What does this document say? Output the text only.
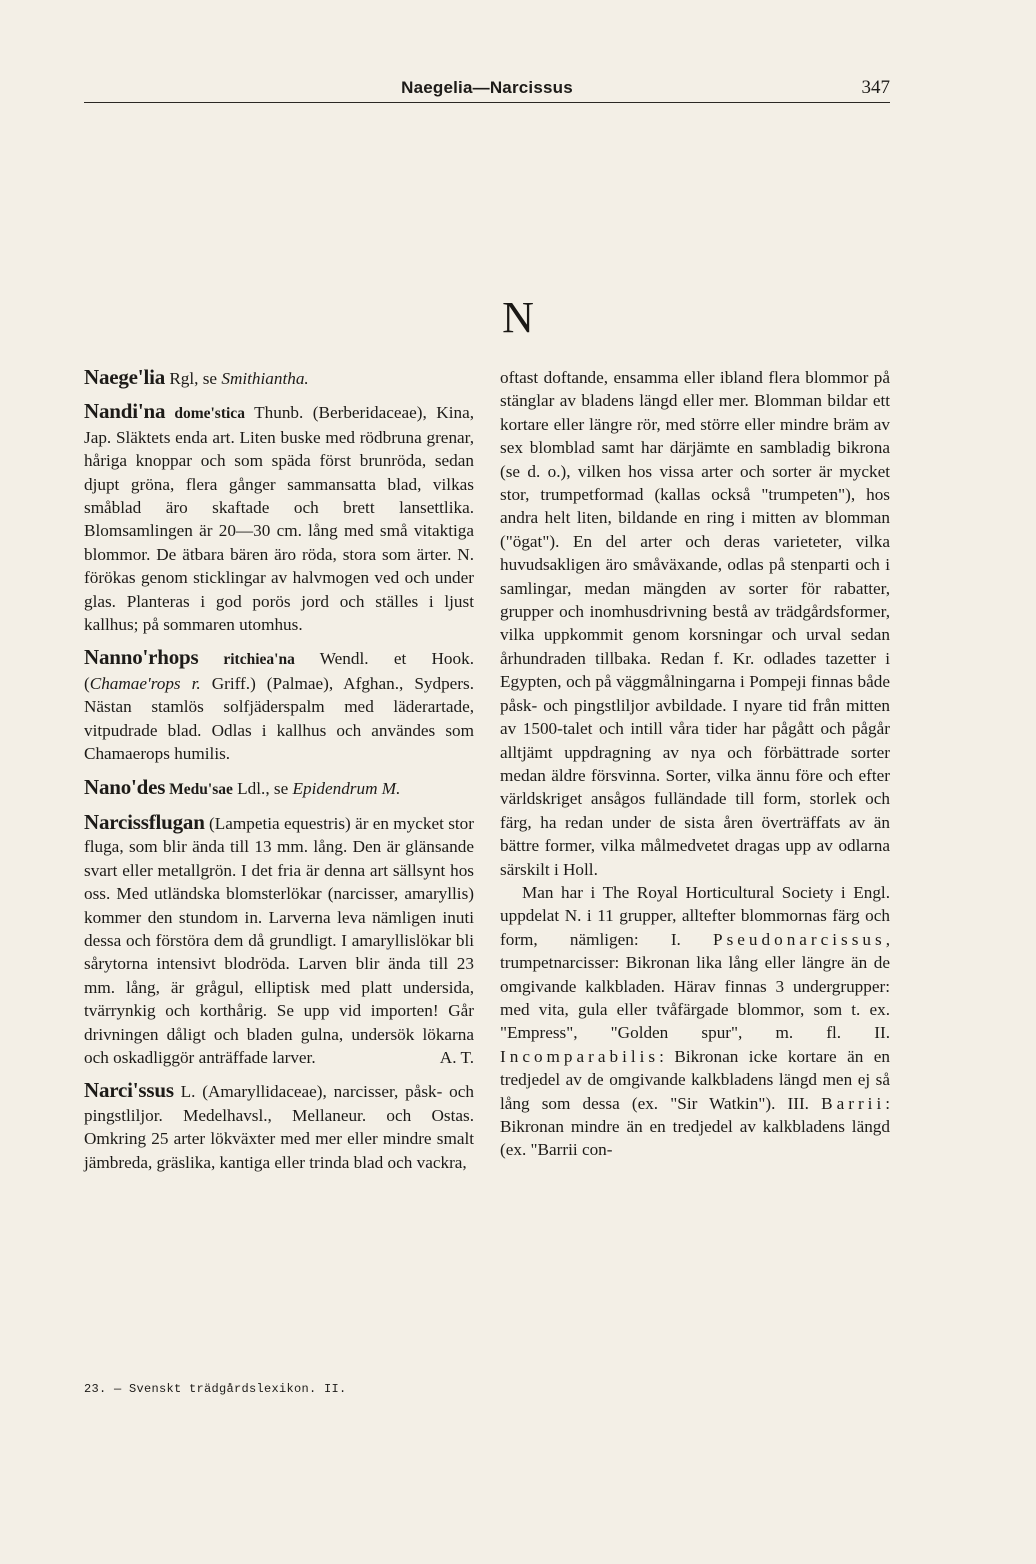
Naegelia—Narcissus	347
N

Naege'lia Rgl, se Smithiantha.

Nandi'na dome'stica Thunb. (Berberidaceae), Kina, Jap. Släktets enda art. Liten buske med rödbruna grenar, håriga knoppar och som späda först brunröda, sedan djupt gröna, flera gånger sammansatta blad, vilkas småblad äro skaftade och brett lansettlika. Blomsamlingen är 20—30 cm. lång med små vitaktiga blommor. De ätbara bären äro röda, stora som ärter. N. förökas genom sticklingar av halvmogen ved och under glas. Planteras i god porös jord och ställes i ljust kallhus; på sommaren utomhus.

Nanno'rhops ritchiea'na Wendl. et Hook. (Chamae'rops r. Griff.) (Palmae), Afghan., Sydpers. Nästan stamlös solfjäderspalm med läderartade, vitpudrade blad. Odlas i kallhus och användes som Chamaerops humilis.

Nano'des Medu'sae Ldl., se Epidendrum M.

Narcissflugan (Lampetia equestris) är en mycket stor fluga, som blir ända till 13 mm. lång. Den är glänsande svart eller metallgrön. I det fria är denna art sällsynt hos oss. Med utländska blomsterlökar (narcisser, amaryllis) kommer den stundom in. Larverna leva nämligen inuti dessa och förstöra dem då grundligt. I amaryllislökar bli sårytorna intensivt blodröda. Larven blir ända till 23 mm. lång, är grågul, elliptisk med platt undersida, tvärrynkig och korthårig. Se upp vid importen! Går drivningen dåligt och bladen gulna, undersök lökarna och oskadliggör anträffade larver.	A. T.

Narci'ssus L. (Amaryllidaceae), narcisser, påsk- och pingstliljor. Medelhavsl., Mellaneur. och Ostas. Omkring 25 arter lökväxter med mer eller mindre smalt jämbreda, gräslika, kantiga eller trinda blad och vackra,

oftast doftande, ensamma eller ibland flera blommor på stänglar av bladens längd eller mer. Blomman bildar ett kortare eller längre rör, med större eller mindre bräm av sex blomblad samt har därjämte en sambladig bikrona (se d. o.), vilken hos vissa arter och sorter är mycket stor, trumpetformad (kallas också "trumpeten"), hos andra helt liten, bildande en ring i mitten av blomman ("ögat"). En del arter och deras varieteter, vilka huvudsakligen äro småväxande, odlas på stenparti och i samlingar, medan mängden av sorter för rabatter, grupper och inomhusdrivning bestå av trädgårdsformer, vilka uppkommit genom korsningar och urval sedan århundraden tillbaka. Redan f. Kr. odlades tazetter i Egypten, och på väggmålningarna i Pompeji finnas både påsk- och pingstliljor avbildade. I nyare tid från mitten av 1500-talet och intill våra tider har pågått och pågår alltjämt uppdragning av nya och förbättrade sorter medan äldre försvinna. Sorter, vilka ännu före och efter världskriget ansågos fulländade till form, storlek och färg, ha redan under de sista åren överträffats av än bättre former, vilka målmedvetet dragas upp av odlarna särskilt i Holl.

Man har i The Royal Horticultural Society i Engl. uppdelat N. i 11 grupper, alltefter blommornas färg och form, nämligen: I. Pseudonarcissus, trumpetnarcisser: Bikronan lika lång eller längre än de omgivande kalkbladen. Härav finnas 3 undergrupper: med vita, gula eller tvåfärgade blommor, som t. ex. "Empress", "Golden spur", m. fl. II. Incomparabilis: Bikronan icke kortare än en tredjedel av de omgivande kalkbladens längd men ej så lång som dessa (ex. "Sir Watkin"). III. Barrii: Bikronan mindre än en tredjedel av kalkbladens längd (ex. "Barrii con-

23. — Svenskt trädgårdslexikon. II.
